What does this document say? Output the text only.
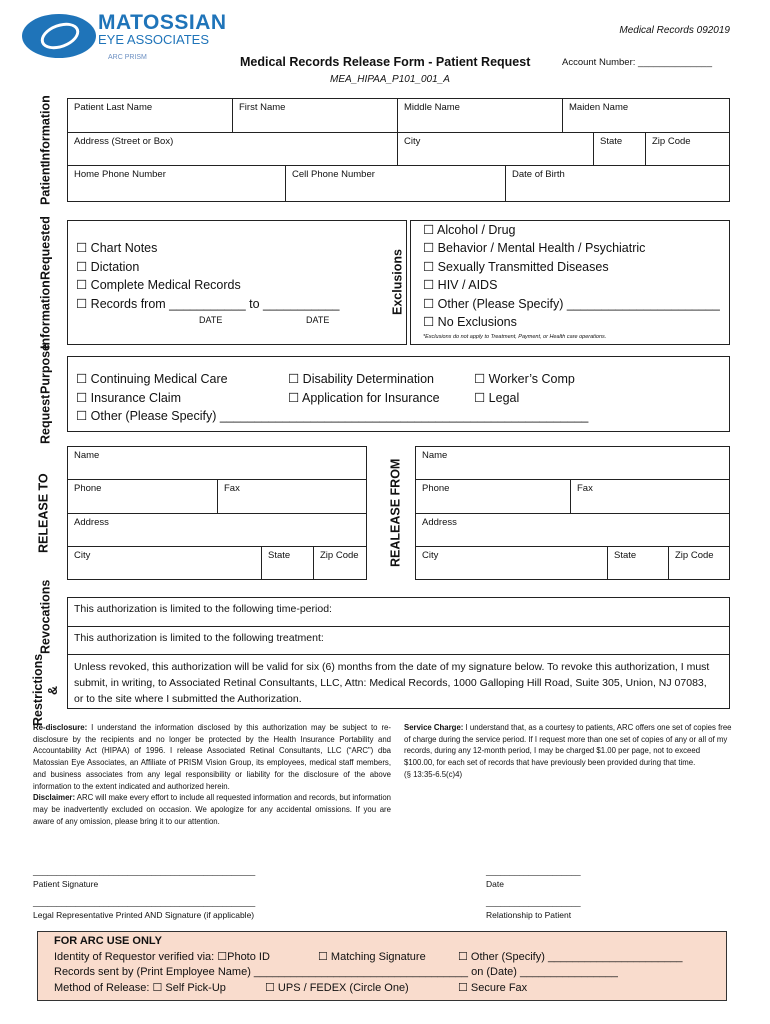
MATOSSIAN
EYE ASSOCIATES
ARC PRISM
Medical Records 092019
Medical Records Release Form - Patient Request	Account Number: ______________
MEA_HIPAA_P101_001_A
Patient
Information	Patient Last Name	First Name	Middle Name	Maiden Name
Address (Street or Box)	City	State	Zip Code
Home Phone Number	Cell Phone Number	Date of Birth
Information
Requested ☐ Chart Notes
☐ Dictation
☐ Complete Medical Records
☐ Records from ___________ to ___________
DATE	DATE
Exclusions
☐ Alcohol / Drug
☐ Behavior / Mental Health / Psychiatric
☐ Sexually Transmitted Diseases
☐ HIV / AIDS
☐ Other (Please Specify) ______________________
☐ No Exclusions
*Exclusions do not apply to Treatment, Payment, or Health care operations.
Request
Purpose ☐ Continuing Medical Care
☐ Insurance Claim
☐ Disability Determination
☐ Application for Insurance
☐ Worker’s Comp
☐ Legal
☐ Other (Please Specify) _____________________________________________________
RELEASE TO
Name
Phone	Fax
Address
City	State	Zip Code	REALEASE FROM
Name
Phone	Fax
Address
City	State	Zip Code
Restrictions &
Revocations	This authorization is limited to the following time-period:
This authorization is limited to the following treatment:
Unless revoked, this authorization will be valid for six (6) months from the date of my signature below. To revoke this authorization, I must submit, in writing, to Associated Retinal Consultants, LLC, Attn: Medical Records, 1000 Galloping Hill Road, Suite 305, Union, NJ 07083, or to the site where I submitted the Authorization.
Re-disclosure: I understand the information disclosed by this authorization may be subject to re-disclosure by the recipients and no longer be protected by the Health Insurance Portability and Accountability Act (HIPAA) of 1996. I release Associated Retinal Consultants, LLC (“ARC”) dba Matossian Eye Associates, an Affiliate of PRISM Vision Group, its employees, medical staff members, and business associates from any legal responsibility or liability for the disclosure of the above information to the extent indicated and authorized herein.
Disclaimer: ARC will make every effort to include all requested information and records, but information may be inadvertently excluded on occasion. We apologize for any accidental omissions. If you are aware of any omission, please bring it to our attention.
Service Charge: I understand that, as a courtesy to patients, ARC offers one set of copies free of charge during the service period. If I request more than one set of copies of any or all of my records, during any 12-month period, I may be charged $1.00 per page, not to exceed $100.00, for each set of records that have previously been provided during that time.
(§ 13:35-6.5(c)4)
_______________________________________________
Patient Signature
____________________
Date
_______________________________________________
Legal Representative Printed AND Signature (if applicable)
____________________
Relationship to Patient
FOR ARC USE ONLY
Identity of Requestor verified via: ☐Photo ID	☐ Matching Signature	☐ Other (Specify) ______________________
Records sent by (Print Employee Name) ___________________________________ on (Date) ________________
Method of Release: ☐ Self Pick-Up	☐ UPS / FEDEX (Circle One)	☐ Secure Fax
